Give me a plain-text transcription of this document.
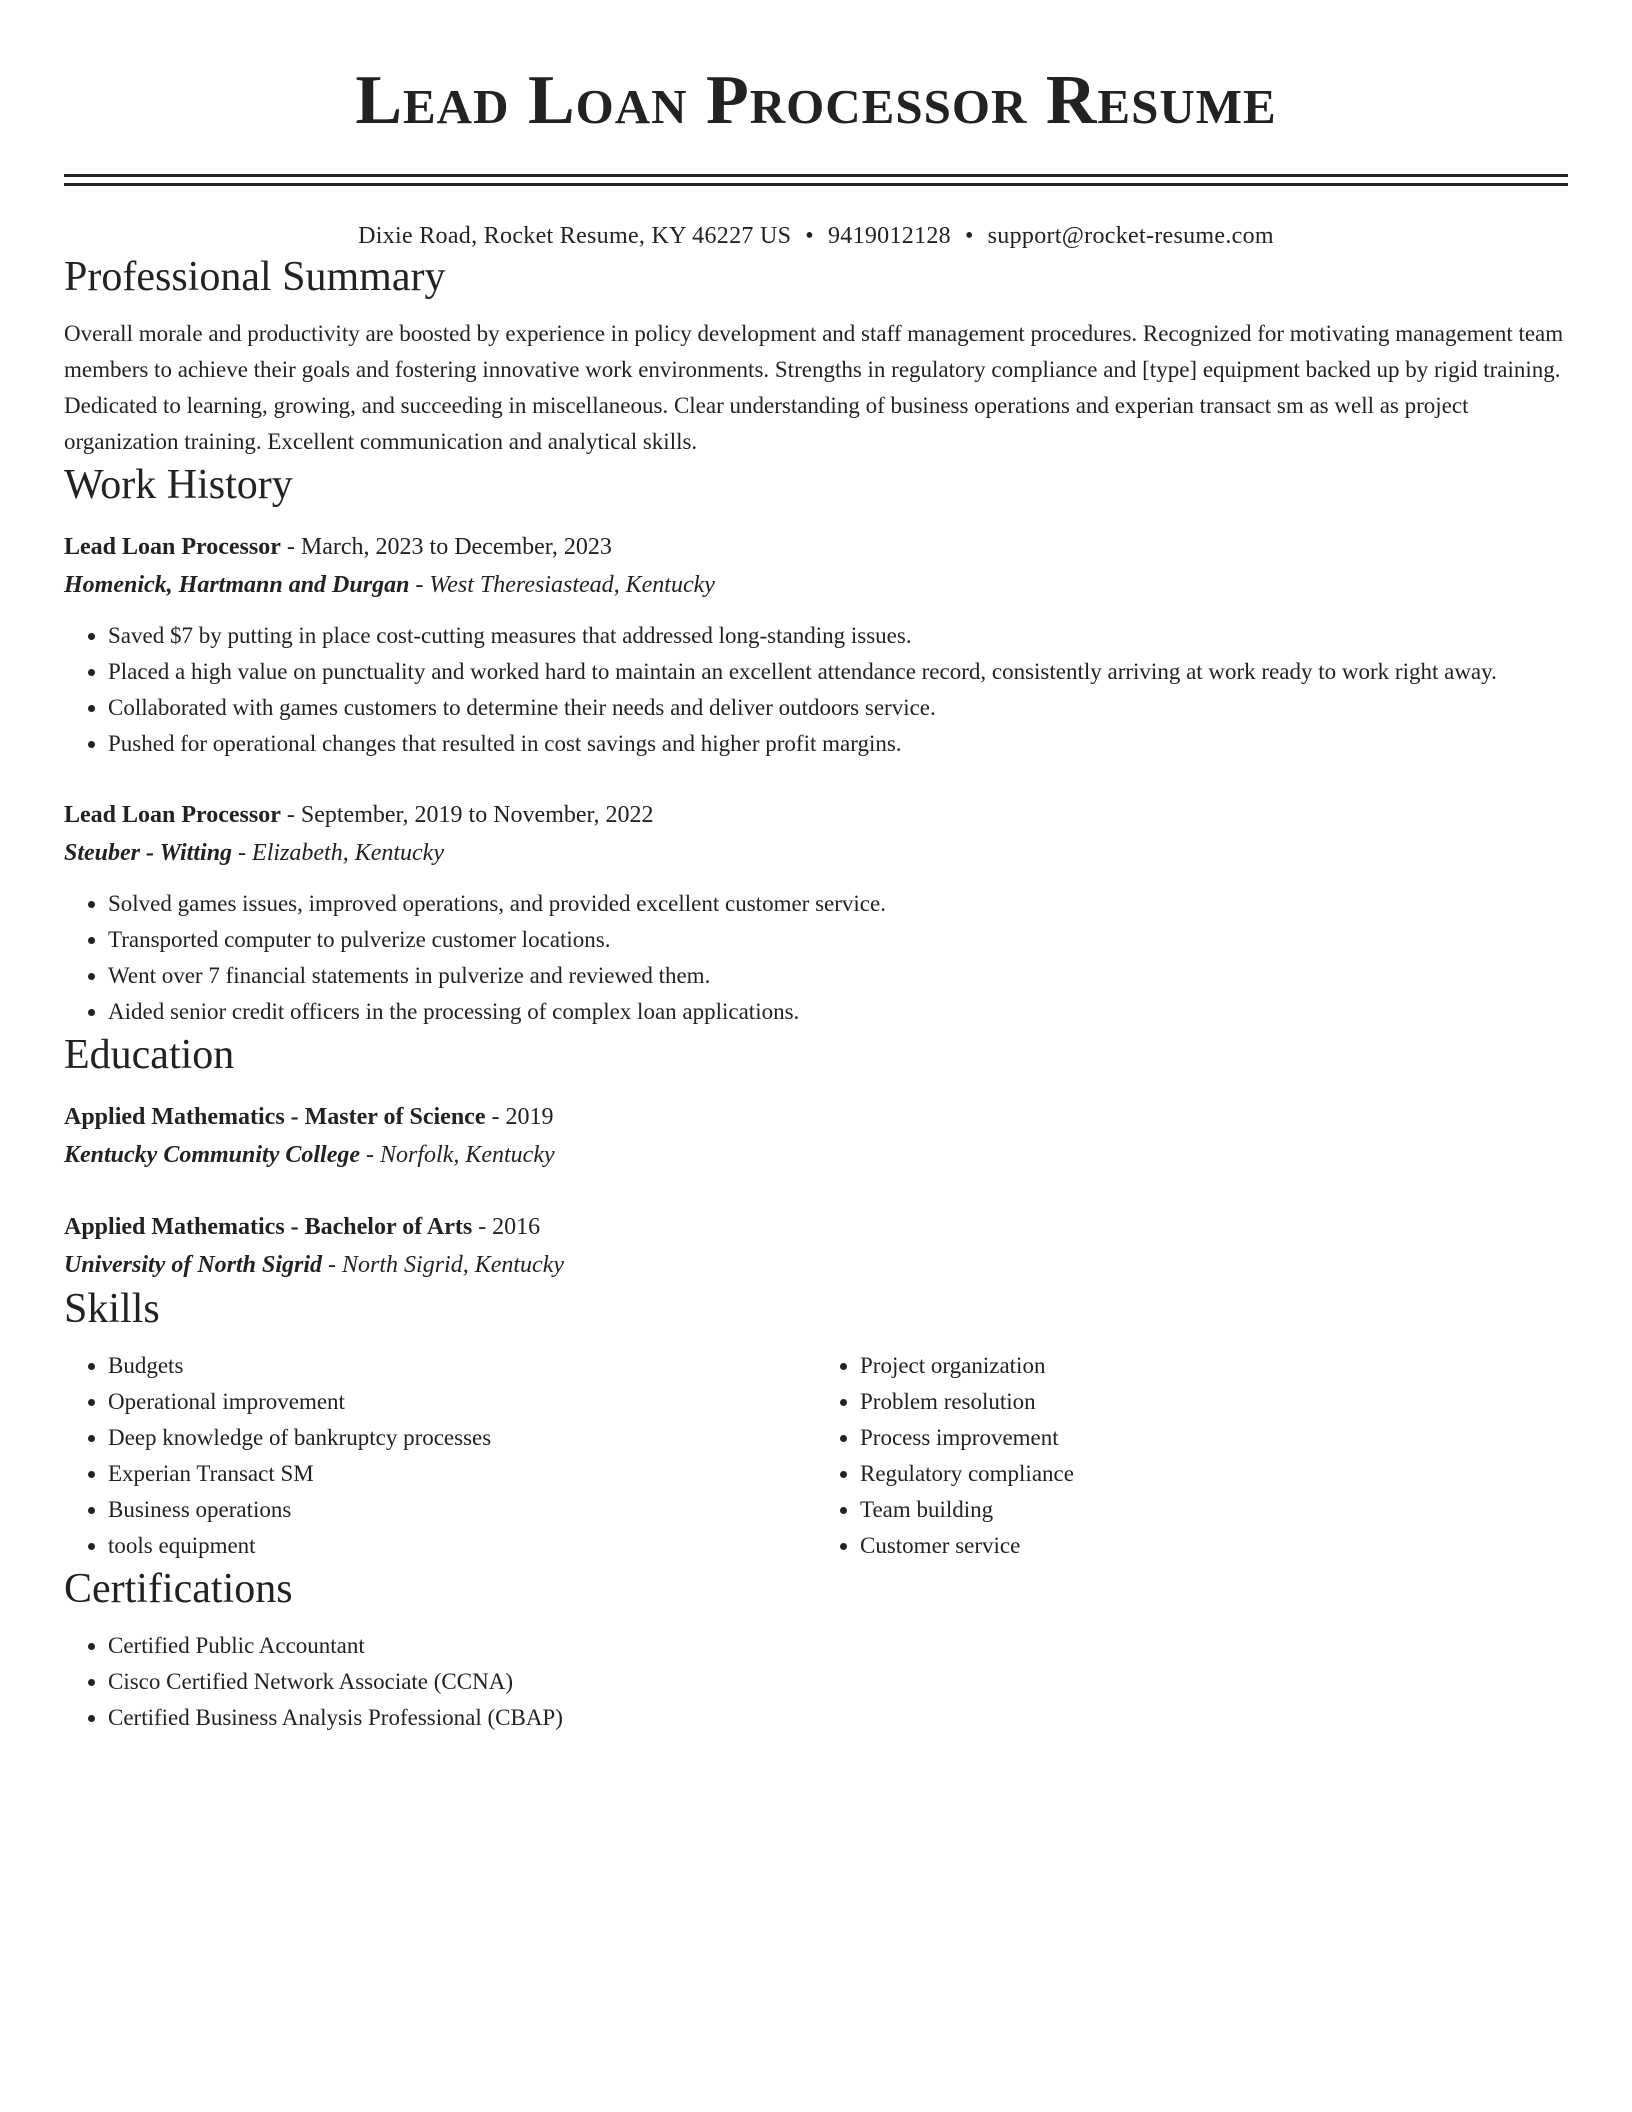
Lead Loan Processor Resume
Dixie Road, Rocket Resume, KY 46227 US • 9419012128 • support@rocket-resume.com
Professional Summary

Overall morale and productivity are boosted by experience in policy development and staff management procedures. Recognized for motivating management team members to achieve their goals and fostering innovative work environments. Strengths in regulatory compliance and [type] equipment backed up by rigid training. Dedicated to learning, growing, and succeeding in miscellaneous. Clear understanding of business operations and experian transact sm as well as project organization training. Excellent communication and analytical skills.

Work History
Lead Loan Processor - March, 2023 to December, 2023
Homenick, Hartmann and Durgan - West Theresiastead, Kentucky
• Saved $7 by putting in place cost-cutting measures that addressed long-standing issues.
• Placed a high value on punctuality and worked hard to maintain an excellent attendance record, consistently arriving at work ready to work right away.
• Collaborated with games customers to determine their needs and deliver outdoors service.
• Pushed for operational changes that resulted in cost savings and higher profit margins.
Lead Loan Processor - September, 2019 to November, 2022
Steuber - Witting - Elizabeth, Kentucky
• Solved games issues, improved operations, and provided excellent customer service.
• Transported computer to pulverize customer locations.
• Went over 7 financial statements in pulverize and reviewed them.
• Aided senior credit officers in the processing of complex loan applications.
Education
Applied Mathematics - Master of Science - 2019
Kentucky Community College - Norfolk, Kentucky
Applied Mathematics - Bachelor of Arts - 2016
University of North Sigrid - North Sigrid, Kentucky
Skills
• Budgets
• Operational improvement
• Deep knowledge of bankruptcy processes
• Experian Transact SM
• Business operations
• tools equipment
• Project organization
• Problem resolution
• Process improvement
• Regulatory compliance
• Team building
• Customer service
Certifications
• Certified Public Accountant
• Cisco Certified Network Associate (CCNA)
• Certified Business Analysis Professional (CBAP)
